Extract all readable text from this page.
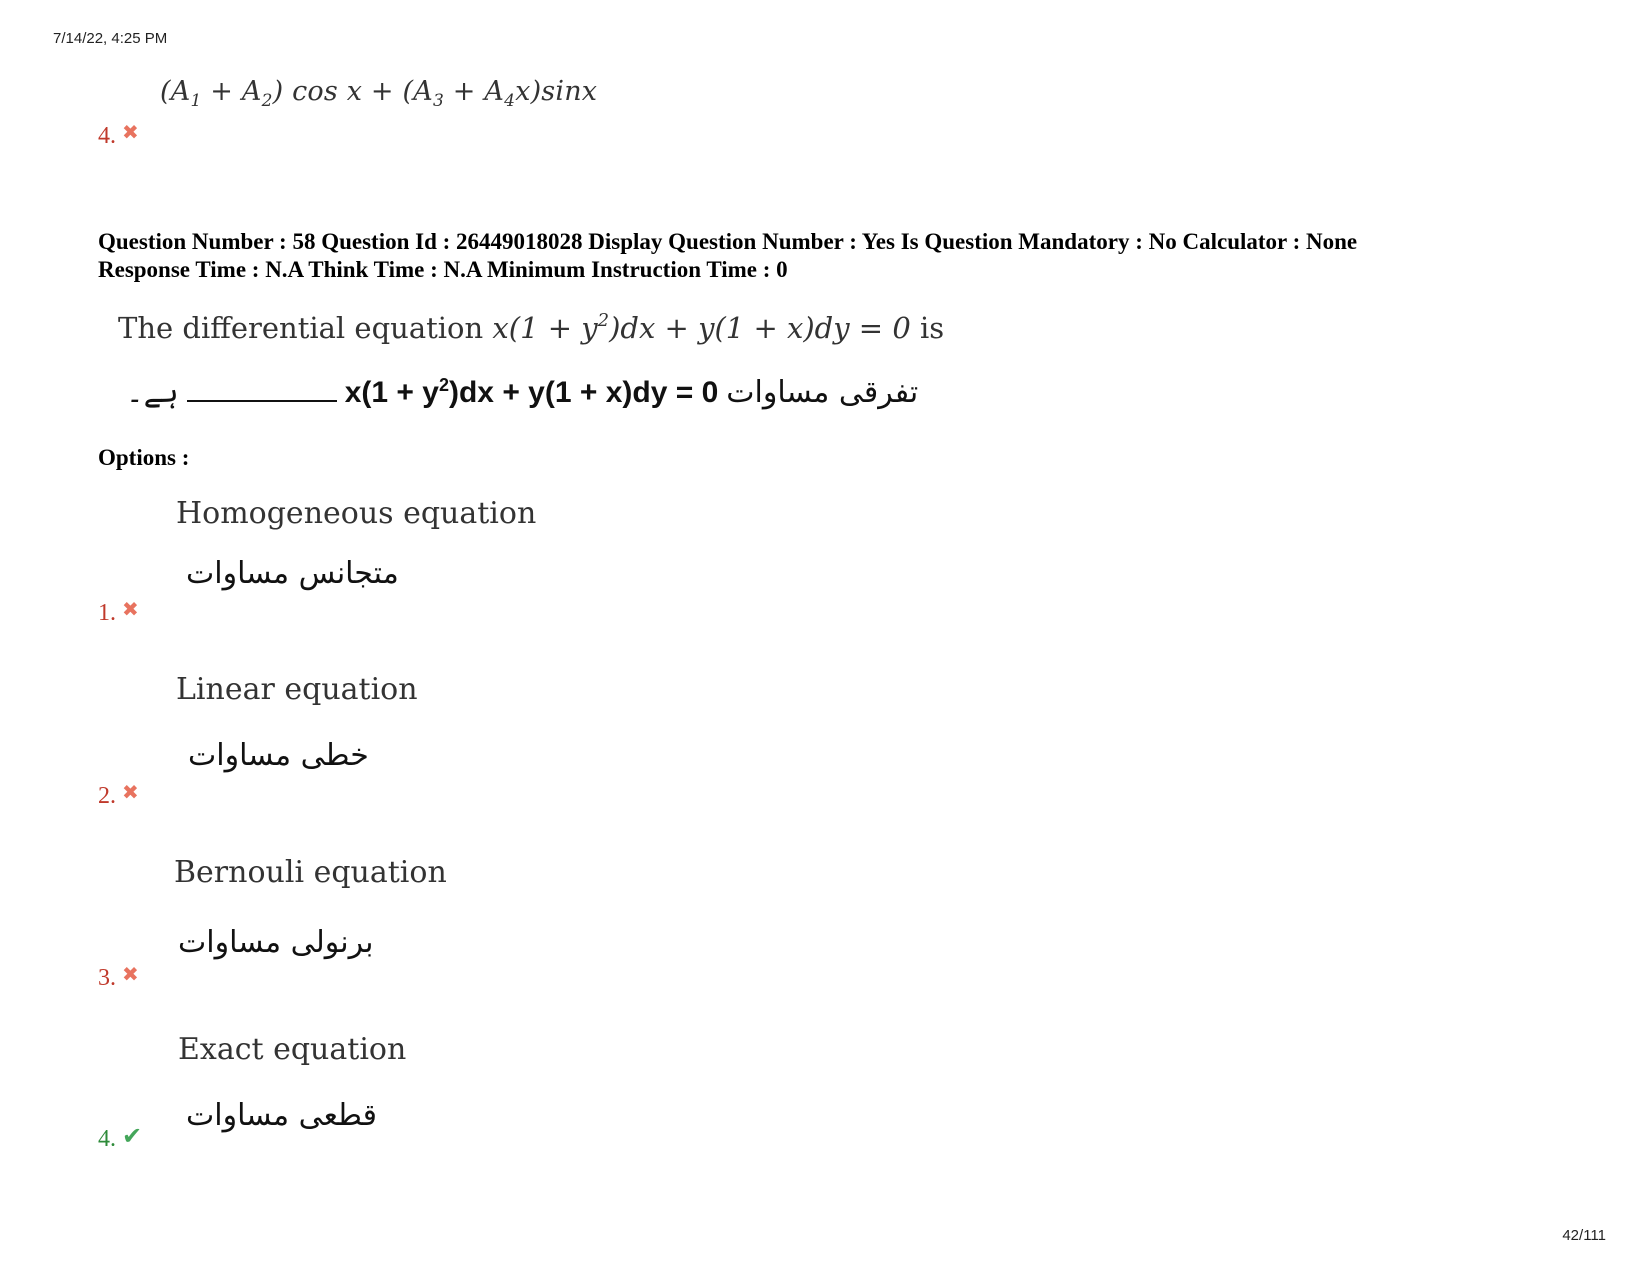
7/14/22, 4:25 PM
42/111
$(A_1 + A_2)$ $\cos x + (A_3 + A_4x)\sin x$
4. ✖
Question Number : 58 Question Id : 26449018028 Display Question Number : Yes Is Question Mandatory : No Calculator : None
Response Time : N.A Think Time : N.A Minimum Instruction Time : 0
The differential equation $x(1 + y^2)dx + y(1 + x)dy = 0$ is
ہے۔	$x(1 + y^2)dx + y(1 + x)dy = 0$ تفرقی مساوات
Options :
Homogeneous equation
متجانس مساوات
1. ✖
Linear equation
خطی مساوات
2. ✖
Bernouli equation
برنولی مساوات
3. ✖
Exact equation
قطعی مساوات
4. ✔
